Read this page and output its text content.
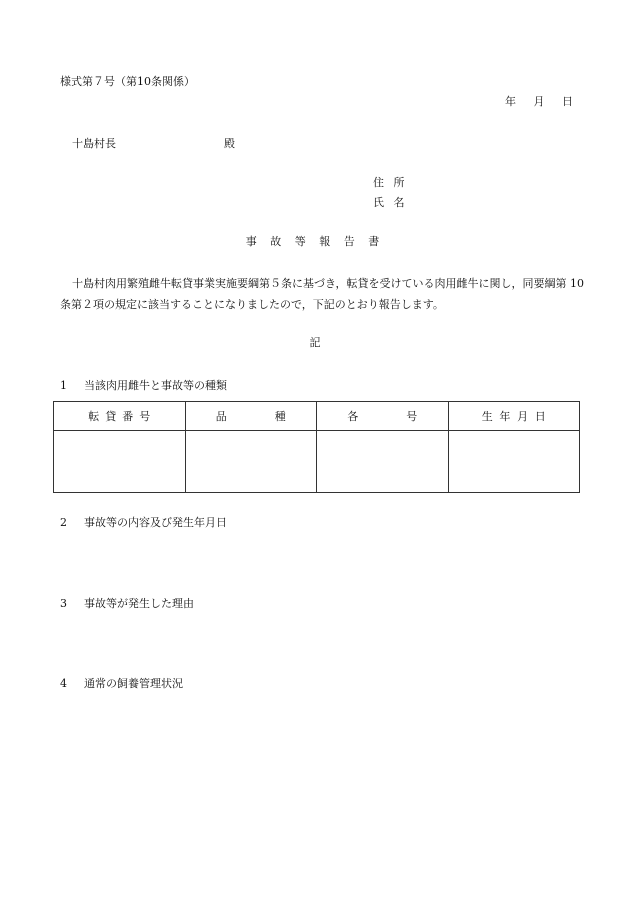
様式第７号（第10条関係）
年 月 日
十島村長	殿
住 所
氏 名
事 故 等 報 告 書
十島村肉用繁殖雌牛転貸事業実施要綱第５条に基づき，転貸を受けている肉用雌牛に関し，同要綱第 10 条第２項の規定に該当することになりましたので，下記のとおり報告します。
記
1 当該肉用雌牛と事故等の種類
転 貸 番 号	品 種	各 号	生 年 月 日

2 事故等の内容及び発生年月日
3 事故等が発生した理由
4 通常の飼養管理状況
